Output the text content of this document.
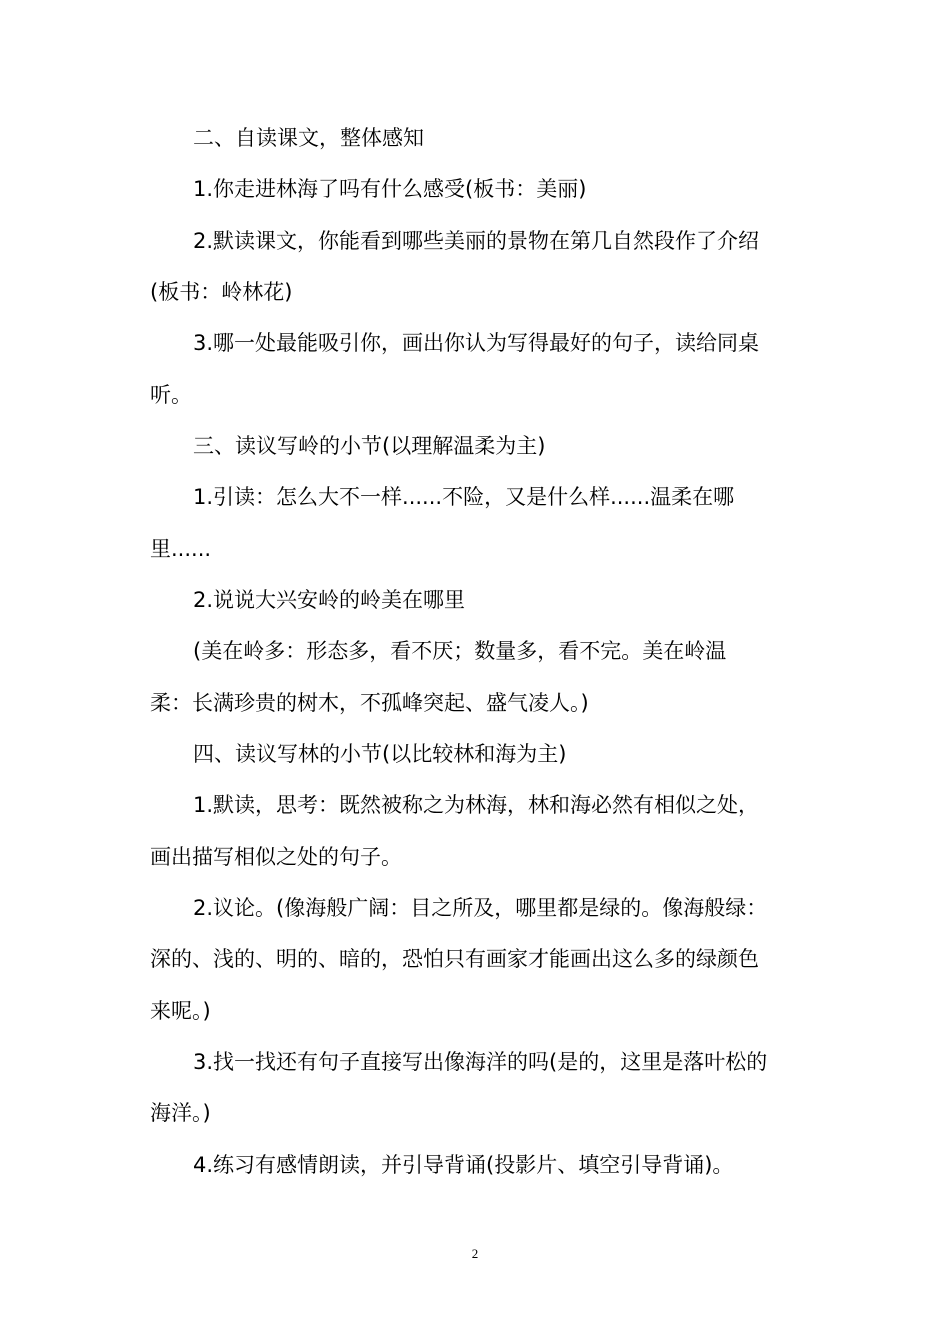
二、自读课文，整体感知
1.你走进林海了吗有什么感受(板书：美丽)
2.默读课文，你能看到哪些美丽的景物在第几自然段作了介绍
(板书：岭林花)
3.哪一处最能吸引你，画出你认为写得最好的句子，读给同桌
听。
三、读议写岭的小节(以理解温柔为主)
1.引读：怎么大不一样......不险，又是什么样......温柔在哪
里......
2.说说大兴安岭的岭美在哪里
(美在岭多：形态多，看不厌；数量多，看不完。美在岭温
柔：长满珍贵的树木，不孤峰突起、盛气凌人。)
四、读议写林的小节(以比较林和海为主)
1.默读，思考：既然被称之为林海，林和海必然有相似之处，
画出描写相似之处的句子。
2.议论。(像海般广阔：目之所及，哪里都是绿的。像海般绿：
深的、浅的、明的、暗的，恐怕只有画家才能画出这么多的绿颜色
来呢。)
3.找一找还有句子直接写出像海洋的吗(是的，这里是落叶松的
海洋。)
4.练习有感情朗读，并引导背诵(投影片、填空引导背诵)。
2
